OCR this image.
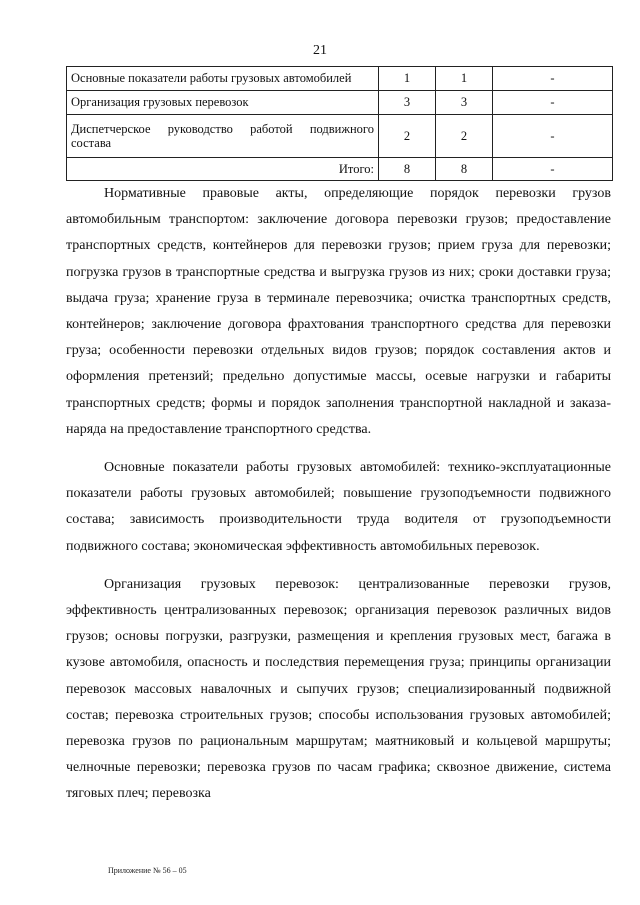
21
Основные показатели работы грузовых автомобилей	1	1	-
Организация грузовых перевозок	3	3	-
Диспетчерское руководство работой подвижного состава	2	2	-
Итого:	8	8	-

Нормативные правовые акты, определяющие порядок перевозки грузов автомобильным транспортом: заключение договора перевозки грузов; предоставление транспортных средств, контейнеров для перевозки грузов; прием груза для перевозки; погрузка грузов в транспортные средства и выгрузка грузов из них; сроки доставки груза; выдача груза; хранение груза в терминале перевозчика; очистка транспортных средств, контейнеров; заключение договора фрахтования транспортного средства для перевозки груза; особенности перевозки отдельных видов грузов; порядок составления актов и оформления претензий; предельно допустимые массы, осевые нагрузки и габариты транспортных средств; формы и порядок заполнения транспортной накладной и заказа-наряда на предоставление транспортного средства.

Основные показатели работы грузовых автомобилей: технико-эксплуатационные показатели работы грузовых автомобилей; повышение грузоподъемности подвижного состава; зависимость производительности труда водителя от грузоподъемности подвижного состава; экономическая эффективность автомобильных перевозок.

Организация грузовых перевозок: централизованные перевозки грузов, эффективность централизованных перевозок; организация перевозок различных видов грузов; основы погрузки, разгрузки, размещения и крепления грузовых мест, багажа в кузове автомобиля, опасность и последствия перемещения груза; принципы организации перевозок массовых навалочных и сыпучих грузов; специализированный подвижной состав; перевозка строительных грузов; способы использования грузовых автомобилей; перевозка грузов по рациональным маршрутам; маятниковый и кольцевой маршруты; челночные перевозки; перевозка грузов по часам графика; сквозное движение, система тяговых плеч; перевозка

Приложение № 56 – 05
